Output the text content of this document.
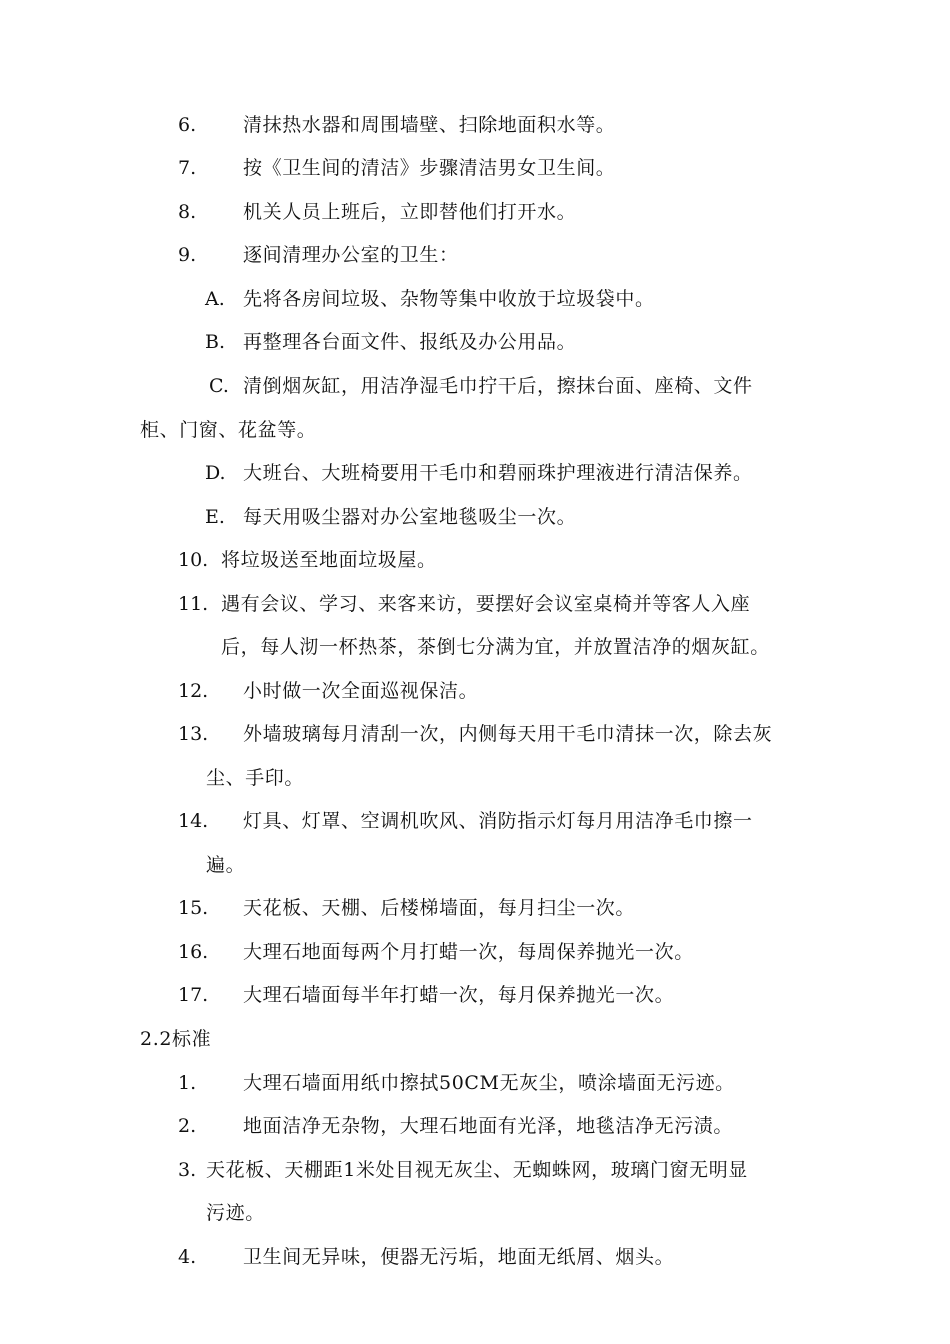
6. 清抹热水器和周围墙壁、扫除地面积水等。
7. 按《卫生间的清洁》步骤清洁男女卫生间。
8. 机关人员上班后，立即替他们打开水。
9. 逐间清理办公室的卫生：
A. 先将各房间垃圾、杂物等集中收放于垃圾袋中。
B. 再整理各台面文件、报纸及办公用品。
C. 清倒烟灰缸，用洁净湿毛巾拧干后，擦抹台面、座椅、文件
柜、门窗、花盆等。
D. 大班台、大班椅要用干毛巾和碧丽珠护理液进行清洁保养。
E. 每天用吸尘器对办公室地毯吸尘一次。
10. 将垃圾送至地面垃圾屋。
11. 遇有会议、学习、来客来访，要摆好会议室桌椅并等客人入座
后，每人沏一杯热茶，茶倒七分满为宜，并放置洁净的烟灰缸。
12. 小时做一次全面巡视保洁。
13. 外墙玻璃每月清刮一次，内侧每天用干毛巾清抹一次，除去灰
尘、手印。
14. 灯具、灯罩、空调机吹风、消防指示灯每月用洁净毛巾擦一
遍。
15. 天花板、天棚、后楼梯墙面，每月扫尘一次。
16. 大理石地面每两个月打蜡一次，每周保养抛光一次。
17. 大理石墙面每半年打蜡一次，每月保养抛光一次。
2.2标准
1. 大理石墙面用纸巾擦拭50CM无灰尘，喷涂墙面无污迹。
2. 地面洁净无杂物，大理石地面有光泽，地毯洁净无污渍。
3. 天花板、天棚距1米处目视无灰尘、无蜘蛛网，玻璃门窗无明显
污迹。
4. 卫生间无异味，便器无污垢，地面无纸屑、烟头。
